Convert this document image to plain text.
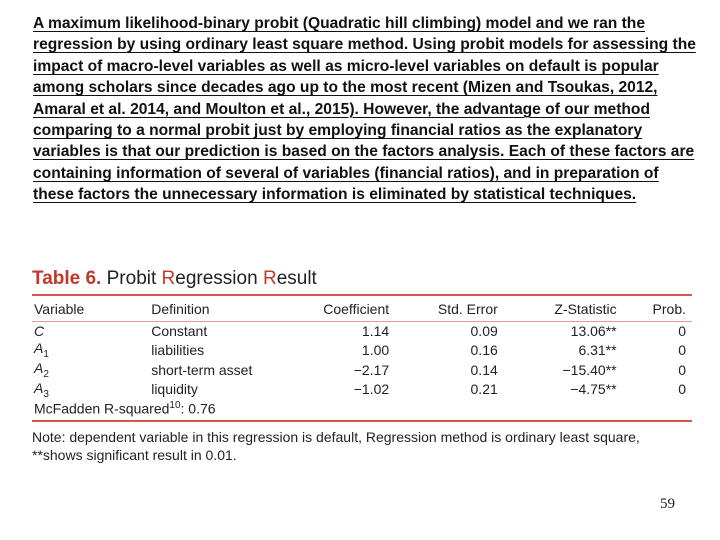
A maximum likelihood-binary probit (Quadratic hill climbing) model and we ran the regression by using ordinary least square method. Using probit models for assessing the impact of macro-level variables as well as micro-level variables on default is popular among scholars since decades ago up to the most recent (Mizen and Tsoukas, 2012, Amaral et al. 2014, and Moulton et al., 2015). However, the advantage of our method comparing to a normal probit just by employing financial ratios as the explanatory variables is that our prediction is based on the factors analysis. Each of these factors are containing information of several of variables (financial ratios), and in preparation of these factors the unnecessary information is eliminated by statistical techniques.
Table 6. Probit Regression Result
Variable	Definition	Coefficient	Std. Error	Z-Statistic	Prob.

C	Constant	1.14	0.09	13.06**	0
$A_1$	liabilities	1.00	0.16	6.31**	0
$A_2$	short-term asset	−2.17	0.14	−15.40**	0
$A_3$	liquidity	−1.02	0.21	−4.75**	0
McFadden R-squared$^{10}$: 0.76					
Note: dependent variable in this regression is default, Regression method is ordinary least square,
**shows significant result in 0.01.
59
